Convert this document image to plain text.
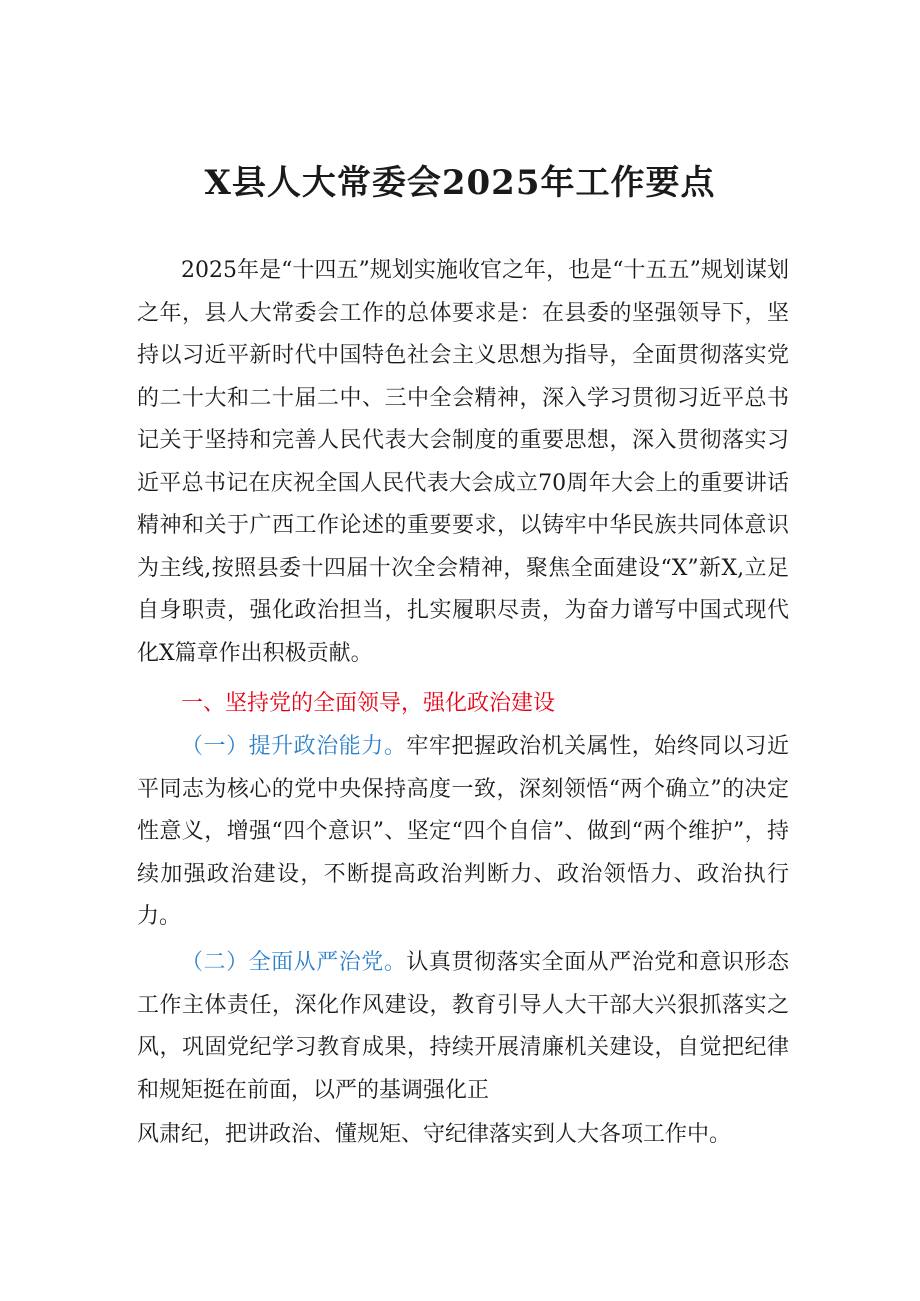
X县人大常委会2025年工作要点

2025年是“十四五”规划实施收官之年，也是“十五五”规划谋划之年，县人大常委会工作的总体要求是：在县委的坚强领导下，坚持以习近平新时代中国特色社会主义思想为指导，全面贯彻落实党的二十大和二十届二中、三中全会精神，深入学习贯彻习近平总书记关于坚持和完善人民代表大会制度的重要思想，深入贯彻落实习近平总书记在庆祝全国人民代表大会成立70周年大会上的重要讲话精神和关于广西工作论述的重要要求，以铸牢中华民族共同体意识为主线,按照县委十四届十次全会精神，聚焦全面建设“X”新X,立足自身职责，强化政治担当，扎实履职尽责，为奋力谱写中国式现代化X篇章作出积极贡献。

一、坚持党的全面领导，强化政治建设

（一）提升政治能力。牢牢把握政治机关属性，始终同以习近平同志为核心的党中央保持高度一致，深刻领悟“两个确立”的决定性意义，增强“四个意识”、坚定“四个自信”、做到“两个维护”，持续加强政治建设，不断提高政治判断力、政治领悟力、政治执行力。

（二）全面从严治党。认真贯彻落实全面从严治党和意识形态工作主体责任，深化作风建设，教育引导人大干部大兴狠抓落实之风，巩固党纪学习教育成果，持续开展清廉机关建设，自觉把纪律和规矩挺在前面，以严的基调强化正

风肃纪，把讲政治、懂规矩、守纪律落实到人大各项工作中。
